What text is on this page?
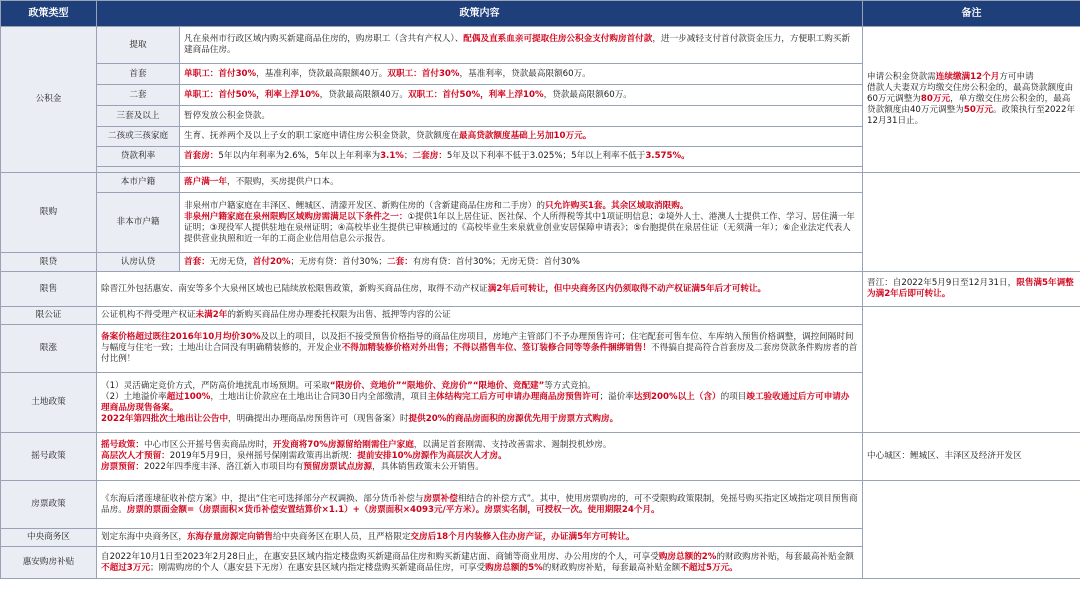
政策类型	政策内容		备注
公积金	提取	凡在泉州市行政区域内购买新建商品住房的，购房职工（含共有产权人）、配偶及直系血亲可提取住房公积金支付购房首付款，进一步减轻支付首付款资金压力，方便职工购买新建商品住房。	申请公积金贷款需连续缴满12个月方可申请
借款人夫妻双方均缴交住房公积金的，最高贷款额度由60万元调整为80万元，单方缴交住房公积金的，最高贷款额度由40万元调整为50万元。政策执行至2022年12月31日止。
	首套	单职工：首付30%，基准利率，贷款最高限额40万。双职工：首付30%，基准利率，贷款最高限额60万。	
	二套	单职工：首付50%，利率上浮10%，贷款最高限额40万。双职工：首付50%，利率上浮10%，贷款最高限额60万。	
	三套及以上	暂停发放公积金贷款。	
	二孩或三孩家庭	生育、抚养两个及以上子女的职工家庭申请住房公积金贷款，贷款额度在最高贷款额度基础上另加10万元。	
	贷款利率	首套房：5年以内年利率为2.6%，5年以上年利率为3.1%；二套房：5年及以下利率不低于3.025%；5年以上利率不低于3.575%。	

限购	本市户籍	落户满一年，不限购，买房提供户口本。	
	非本市户籍	非泉州市户籍家庭在丰泽区、鲤城区、清濛开发区、新购住房的（含新建商品住房和二手房）的只允许购买1套。其余区域取消限购。
非泉州户籍家庭在泉州限购区域购房需满足以下条件之一：①提供1年以上居住证、医社保、个人所得税等其中1项证明信息；②境外人士、港澳人士提供工作、学习、居住满一年证明；③现役军人提供驻地在泉州证明；④高校毕业生提供已审核通过的《高校毕业生来泉就业创业安居保障申请表》；⑤台胞提供在泉居住证（无须满一年）；⑥企业法定代表人提供营业执照和近一年的工商企业信用信息公示报告。	
限贷	认房认贷	首套：无房无贷，首付20%；无房有贷：首付30%；二套：有房有贷：首付30%；无房无贷：首付30%	
限售	除晋江外包括惠安、南安等多个大泉州区域也已陆续放松限售政策，新购买商品住房，取得不动产权证满2年后可转让，但中央商务区内仍须取得不动产权证满5年后才可转让。		晋江：自2022年5月9日至12月31日，限售满5年调整为满2年后即可转让。
限公证	公证机构不得受理产权证未满2年的新购买商品住房办理委托权限为出售、抵押等内容的公证		
限涨	备案价格超过既往2016年10月均价30%及以上的项目，以及拒不接受预售价格指导的商品住房项目，房地产主管部门不予办理预售许可；住宅配套可售车位、车库纳入预售价格调整，调控间隔时间与幅度与住宅一致；土地出让合同没有明确精装修的，开发企业不得加精装修价格对外出售；不得以搭售车位、签订装修合同等等条件捆绑销售！不得搞自提高符合首套房及二套房贷款条件购房者的首付比例！		
土地政策	（1）灵活确定竞价方式，严防高价地扰乱市场预期。可采取“限房价、竞地价”“限地价、竞房价”“限地价、竞配建”等方式竞拍。
（2）土地溢价率超过100%，土地出让价款应在土地出让合同30日内全部缴清，项目主体结构完工后方可申请办理商品房预售许可；溢价率达到200%以上（含）的项目竣工验收通过后方可申请办理商品房现售备案。
2022年第四批次土地出让公告中，明确提出办理商品房预售许可（现售备案）时提供20%的商品房面积的房源优先用于房票方式购房。		
摇号政策	摇号政策：中心市区公开摇号售卖商品房时，开发商将70%房源留给刚需住户家庭，以满足首套刚需、支持改善需求、遏制投机炒房。
高层次人才预留：2019年5月9日，泉州摇号保刚需政策再出新规：提前安排10%房源作为高层次人才房。
房票预留：2022年四季度丰泽、洛江新入市项目均有预留房票试点房源，具体销售政策未公开销售。		中心城区：鲤城区、丰泽区及经济开发区
房票政策	《东海后渚莲埭征收补偿方案》中，提出“住宅可选择部分产权调换、部分货币补偿与房票补偿相结合的补偿方式”。其中，使用房票购房的，可不受限购政策限制，免摇号购买指定区域指定项目预售商品房。房票的票面金额=（房票面积×货币补偿安置结算价×1.1）+（房票面积×4093元/平方米）。房票实名制，可授权一次。使用期限24个月。		
中央商务区	划定东海中央商务区，东海存量房源定向销售给中央商务区在职人员，且严格限定交房后18个月内装修入住办房产证，办证满5年方可转让。		
惠安购房补贴	自2022年10月1日至2023年2月28日止，在惠安县区域内指定楼盘购买新建商品住房和购买新建店面、商铺等商业用房、办公用房的个人，可享受购房总额的2%的财政购房补贴，每套最高补贴金额不超过3万元；刚需购房的个人（惠安县下无房）在惠安县区域内指定楼盘购买新建商品住房，可享受购房总额的5%的财政购房补贴，每套最高补贴金额不超过5万元。		
